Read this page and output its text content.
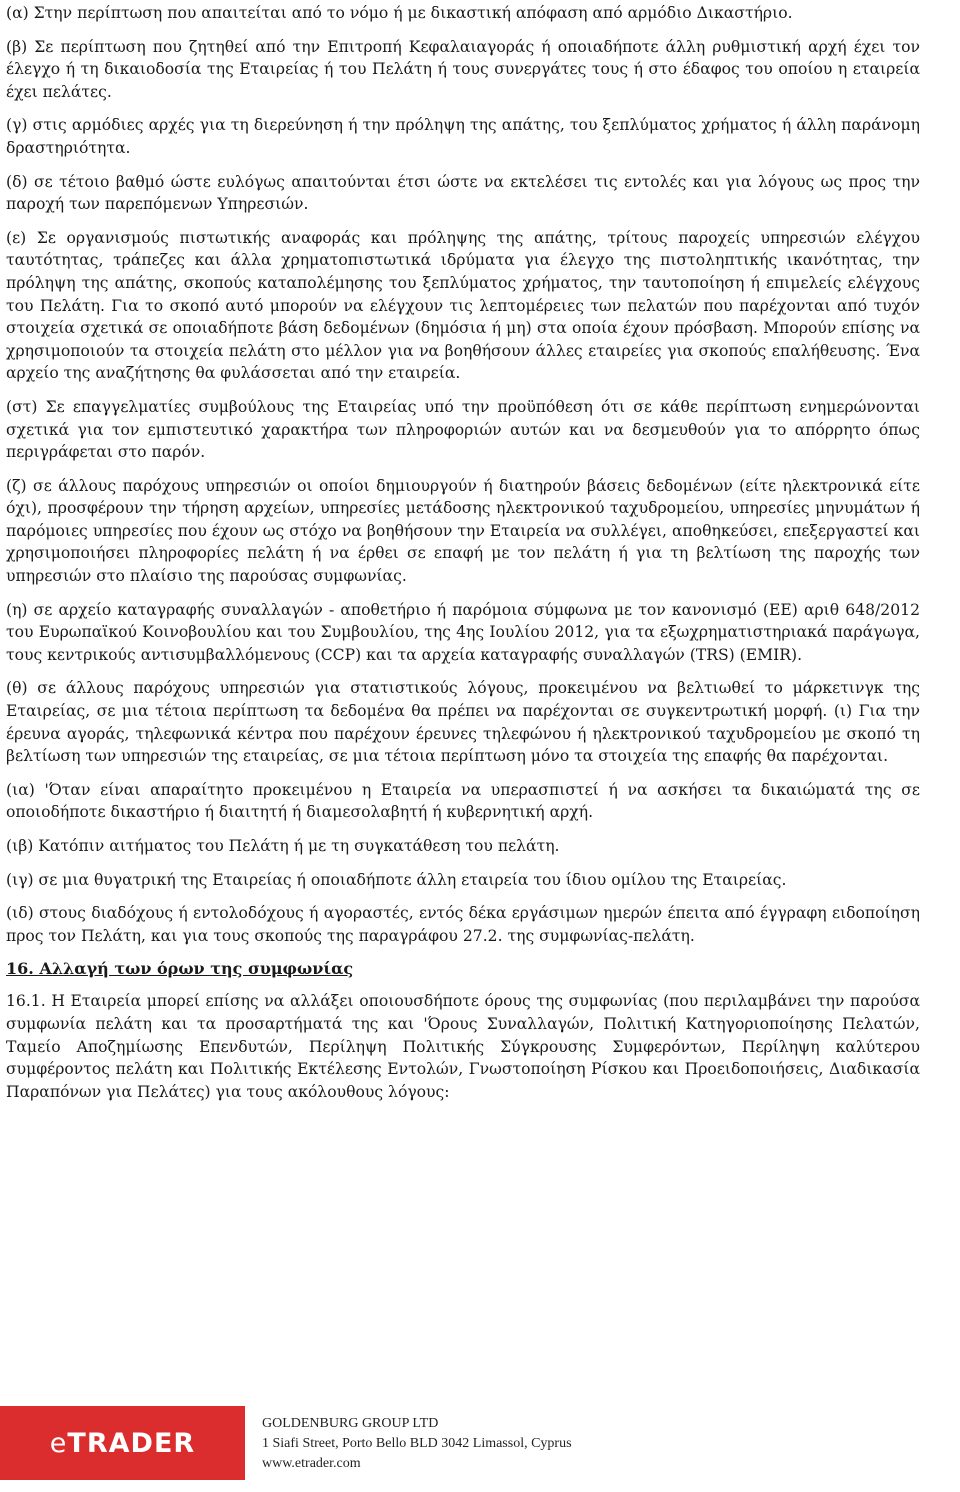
(α) Στην περίπτωση που απαιτείται από το νόμο ή με δικαστική απόφαση από αρμόδιο Δικαστήριο.

(β) Σε περίπτωση που ζητηθεί από την Επιτροπή Κεφαλαιαγοράς ή οποιαδήποτε άλλη ρυθμιστική αρχή έχει τον έλεγχο ή τη δικαιοδοσία της Εταιρείας ή του Πελάτη ή τους συνεργάτες τους ή στο έδαφος του οποίου η εταιρεία έχει πελάτες.

(γ) στις αρμόδιες αρχές για τη διερεύνηση ή την πρόληψη της απάτης, του ξεπλύματος χρήματος ή άλλη παράνομη δραστηριότητα.

(δ) σε τέτοιο βαθμό ώστε ευλόγως απαιτούνται έτσι ώστε να εκτελέσει τις εντολές και για λόγους ως προς την παροχή των παρεπόμενων Υπηρεσιών.

(ε) Σε οργανισμούς πιστωτικής αναφοράς και πρόληψης της απάτης, τρίτους παροχείς υπηρεσιών ελέγχου ταυτότητας, τράπεζες και άλλα χρηματοπιστωτικά ιδρύματα για έλεγχο της πιστοληπτικής ικανότητας, την πρόληψη της απάτης, σκοπούς καταπολέμησης του ξεπλύματος χρήματος, την ταυτοποίηση ή επιμελείς ελέγχους του Πελάτη. Για το σκοπό αυτό μπορούν να ελέγχουν τις λεπτομέρειες των πελατών που παρέχονται από τυχόν στοιχεία σχετικά σε οποιαδήποτε βάση δεδομένων (δημόσια ή μη) στα οποία έχουν πρόσβαση. Μπορούν επίσης να χρησιμοποιούν τα στοιχεία πελάτη στο μέλλον για να βοηθήσουν άλλες εταιρείες για σκοπούς επαλήθευσης. Ένα αρχείο της αναζήτησης θα φυλάσσεται από την εταιρεία.

(στ) Σε επαγγελματίες συμβούλους της Εταιρείας υπό την προϋπόθεση ότι σε κάθε περίπτωση ενημερώνονται σχετικά για τον εμπιστευτικό χαρακτήρα των πληροφοριών αυτών και να δεσμευθούν για το απόρρητο όπως περιγράφεται στο παρόν.

(ζ) σε άλλους παρόχους υπηρεσιών οι οποίοι δημιουργούν ή διατηρούν βάσεις δεδομένων (είτε ηλεκτρονικά είτε όχι), προσφέρουν την τήρηση αρχείων, υπηρεσίες μετάδοσης ηλεκτρονικού ταχυδρομείου, υπηρεσίες μηνυμάτων ή παρόμοιες υπηρεσίες που έχουν ως στόχο να βοηθήσουν την Εταιρεία να συλλέγει, αποθηκεύσει, επεξεργαστεί και χρησιμοποιήσει πληροφορίες πελάτη ή να έρθει σε επαφή με τον πελάτη ή για τη βελτίωση της παροχής των υπηρεσιών στο πλαίσιο της παρούσας συμφωνίας.

(η) σε αρχείο καταγραφής συναλλαγών - αποθετήριο ή παρόμοια σύμφωνα με τον κανονισμό (ΕΕ) αριθ 648/2012 του Ευρωπαϊκού Κοινοβουλίου και του Συμβουλίου, της 4ης Ιουλίου 2012, για τα εξωχρηματιστηριακά παράγωγα, τους κεντρικούς αντισυμβαλλόμενους (CCP) και τα αρχεία καταγραφής συναλλαγών (TRS) (EMIR).

(θ) σε άλλους παρόχους υπηρεσιών για στατιστικούς λόγους, προκειμένου να βελτιωθεί το μάρκετινγκ της Εταιρείας, σε μια τέτοια περίπτωση τα δεδομένα θα πρέπει να παρέχονται σε συγκεντρωτική μορφή. (ι) Για την έρευνα αγοράς, τηλεφωνικά κέντρα που παρέχουν έρευνες τηλεφώνου ή ηλεκτρονικού ταχυδρομείου με σκοπό τη βελτίωση των υπηρεσιών της εταιρείας, σε μια τέτοια περίπτωση μόνο τα στοιχεία της επαφής θα παρέχονται.

(ια) 'Όταν είναι απαραίτητο προκειμένου η Εταιρεία να υπερασπιστεί ή να ασκήσει τα δικαιώματά της σε οποιοδήποτε δικαστήριο ή διαιτητή ή διαμεσολαβητή ή κυβερνητική αρχή.

(ιβ) Κατόπιν αιτήματος του Πελάτη ή με τη συγκατάθεση του πελάτη.

(ιγ) σε μια θυγατρική της Εταιρείας ή οποιαδήποτε άλλη εταιρεία του ίδιου ομίλου της Εταιρείας.

(ιδ) στους διαδόχους ή εντολοδόχους ή αγοραστές, εντός δέκα εργάσιμων ημερών έπειτα από έγγραφη ειδοποίηση προς τον Πελάτη, και για τους σκοπούς της παραγράφου 27.2. της συμφωνίας-πελάτη.

16. Αλλαγή των όρων της συμφωνίας

16.1. Η Εταιρεία μπορεί επίσης να αλλάξει οποιουσδήποτε όρους της συμφωνίας (που περιλαμβάνει την παρούσα συμφωνία πελάτη και τα προσαρτήματά της και 'Όρους Συναλλαγών, Πολιτική Κατηγοριοποίησης Πελατών, Ταμείο Αποζημίωσης Επενδυτών, Περίληψη Πολιτικής Σύγκρουσης Συμφερόντων, Περίληψη καλύτερου συμφέροντος πελάτη και Πολιτικής Εκτέλεσης Εντολών, Γνωστοποίηση Ρίσκου και Προειδοποιήσεις, Διαδικασία Παραπόνων για Πελάτες) για τους ακόλουθους λόγους:

eTRADER
GOLDENBURG GROUP LTD
1 Siafi Street, Porto Bello BLD 3042 Limassol, Cyprus
www.etrader.com
